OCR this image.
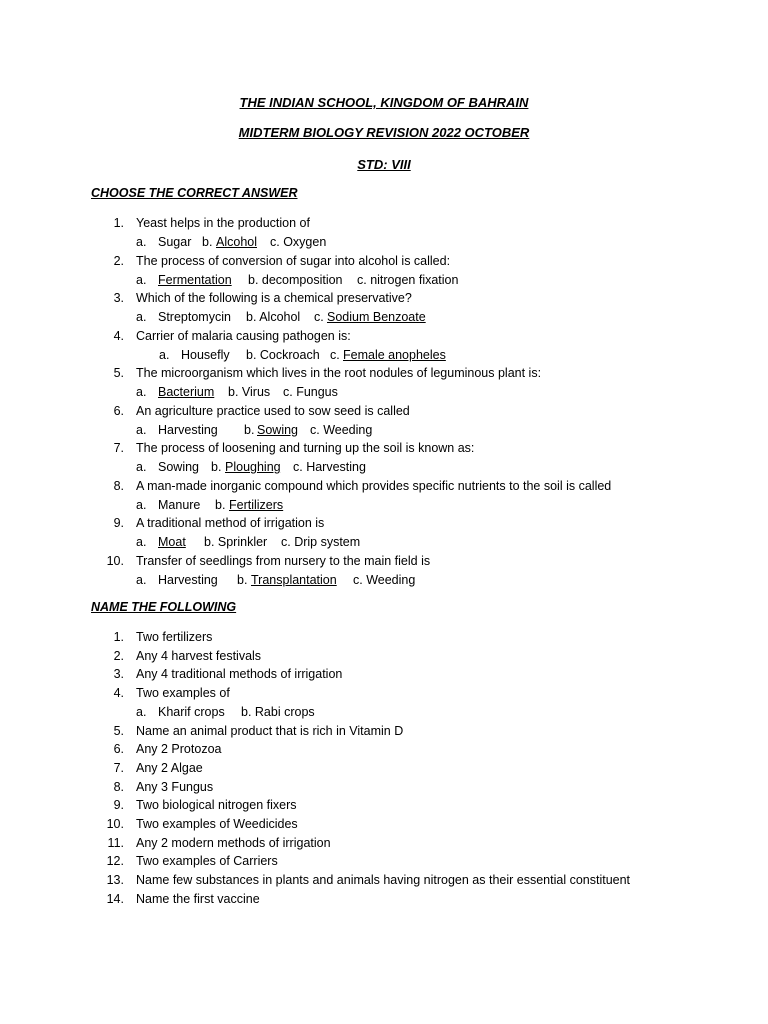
THE INDIAN SCHOOL, KINGDOM OF BAHRAIN
MIDTERM BIOLOGY REVISION 2022 OCTOBER
STD: VIII
CHOOSE THE CORRECT ANSWER
1. Yeast helps in the production of
a. Sugar b. Alcohol c. Oxygen
2. The process of conversion of sugar into alcohol is called:
a. Fermentation b. decomposition c. nitrogen fixation
3. Which of the following is a chemical preservative?
a. Streptomycin b. Alcohol c. Sodium Benzoate
4. Carrier of malaria causing pathogen is:
a. Housefly b. Cockroach c. Female anopheles
5. The microorganism which lives in the root nodules of leguminous plant is:
a. Bacterium b. Virus c. Fungus
6. An agriculture practice used to sow seed is called
a. Harvesting b. Sowing c. Weeding
7. The process of loosening and turning up the soil is known as:
a. Sowing b. Ploughing c. Harvesting
8. A man-made inorganic compound which provides specific nutrients to the soil is called
a. Manure b. Fertilizers
9. A traditional method of irrigation is
a. Moat b. Sprinkler c. Drip system
10. Transfer of seedlings from nursery to the main field is
a. Harvesting b. Transplantation c. Weeding
NAME THE FOLLOWING
1. Two fertilizers
2. Any 4 harvest festivals
3. Any 4 traditional methods of irrigation
4. Two examples of
a. Kharif crops b. Rabi crops
5. Name an animal product that is rich in Vitamin D
6. Any 2 Protozoa
7. Any 2 Algae
8. Any 3 Fungus
9. Two biological nitrogen fixers
10. Two examples of Weedicides
11. Any 2 modern methods of irrigation
12. Two examples of Carriers
13. Name few substances in plants and animals having nitrogen as their essential constituent
14. Name the first vaccine
